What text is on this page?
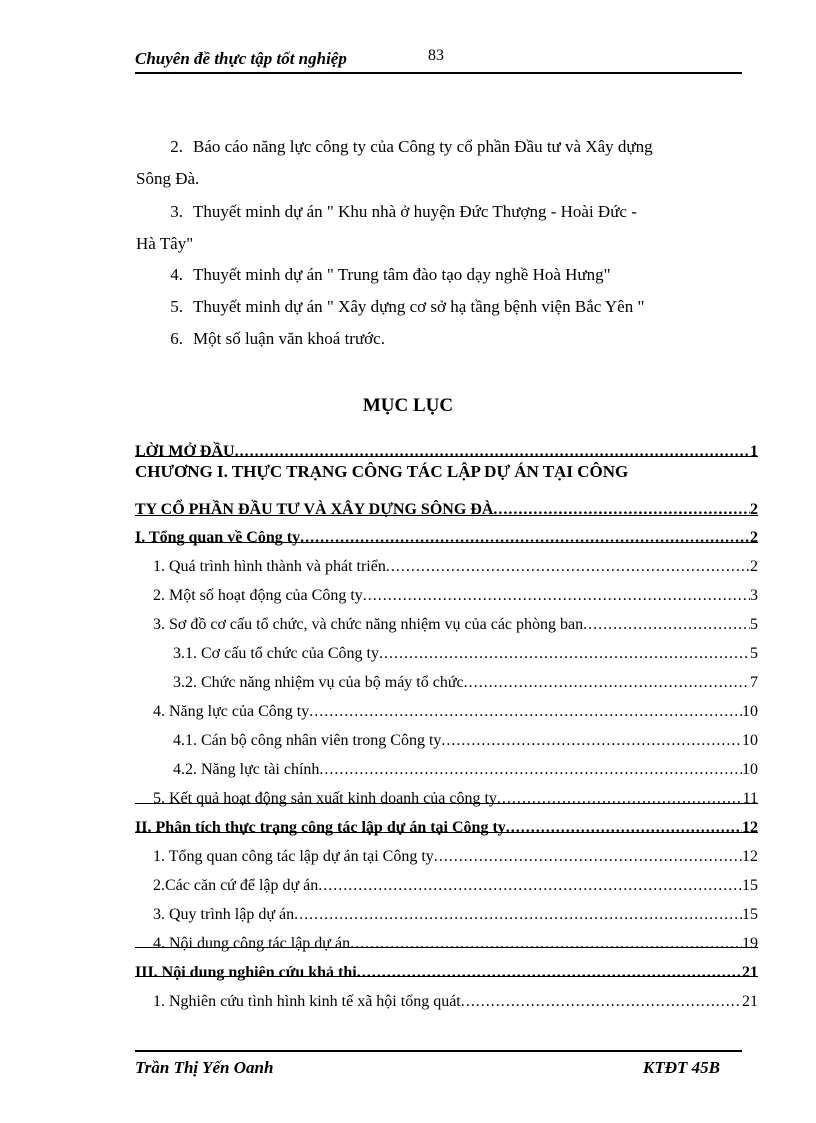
Chuyên đề thực tập tốt nghiệp	83
2. Báo cáo năng lực công ty của Công ty cổ phần Đầu tư và Xây dựng
Sông Đà.
3. Thuyết minh dự án " Khu nhà ở huyện Đức Thượng - Hoài Đức -
Hà Tây"
4. Thuyết minh dự án " Trung tâm đào tạo dạy nghề Hoà Hưng"
5. Thuyết minh dự án " Xây dựng cơ sở hạ tầng bệnh viện Bắc Yên "
6. Một số luận văn khoá trước.
MỤC LỤC
LỜI MỞ ĐẦU .....	1
CHƯƠNG I. THỰC TRẠNG CÔNG TÁC LẬP DỰ ÁN TẠI CÔNG
TY CỔ PHẦN ĐẦU TƯ VÀ XÂY DỰNG SÔNG ĐÀ .....	2
I. Tổng quan về Công ty .....	2
1. Quá trình hình thành và phát triển .....	2
2. Một số hoạt động của Công ty .....	3
3. Sơ đồ cơ cấu tổ chức, và chức năng nhiệm vụ của các phòng ban .....	5
3.1. Cơ cấu tổ chức của Công ty .....	5
3.2. Chức năng nhiệm vụ của bộ máy tổ chức .....	7
4. Năng lực của Công ty .....	10
4.1. Cán bộ công nhân viên trong Công ty .....	10
4.2. Năng lực tài chính .....	10
5. Kết quả hoạt động sản xuất kinh doanh của công ty .....	11
II. Phân tích thực trạng công tác lập dự án tại Công ty .....	12
1. Tổng quan công tác lập dự án tại Công ty .....	12
2.Các căn cứ để lập dự án .....	15
3. Quy trình lập dự án .....	15
4. Nội dung công tác lập dự án .....	19
III. Nội dung nghiên cứu khả thi .....	21
1. Nghiên cứu tình hình kinh tế xã hội tổng quát .....	21
Trần Thị Yến Oanh	KTĐT 45B
